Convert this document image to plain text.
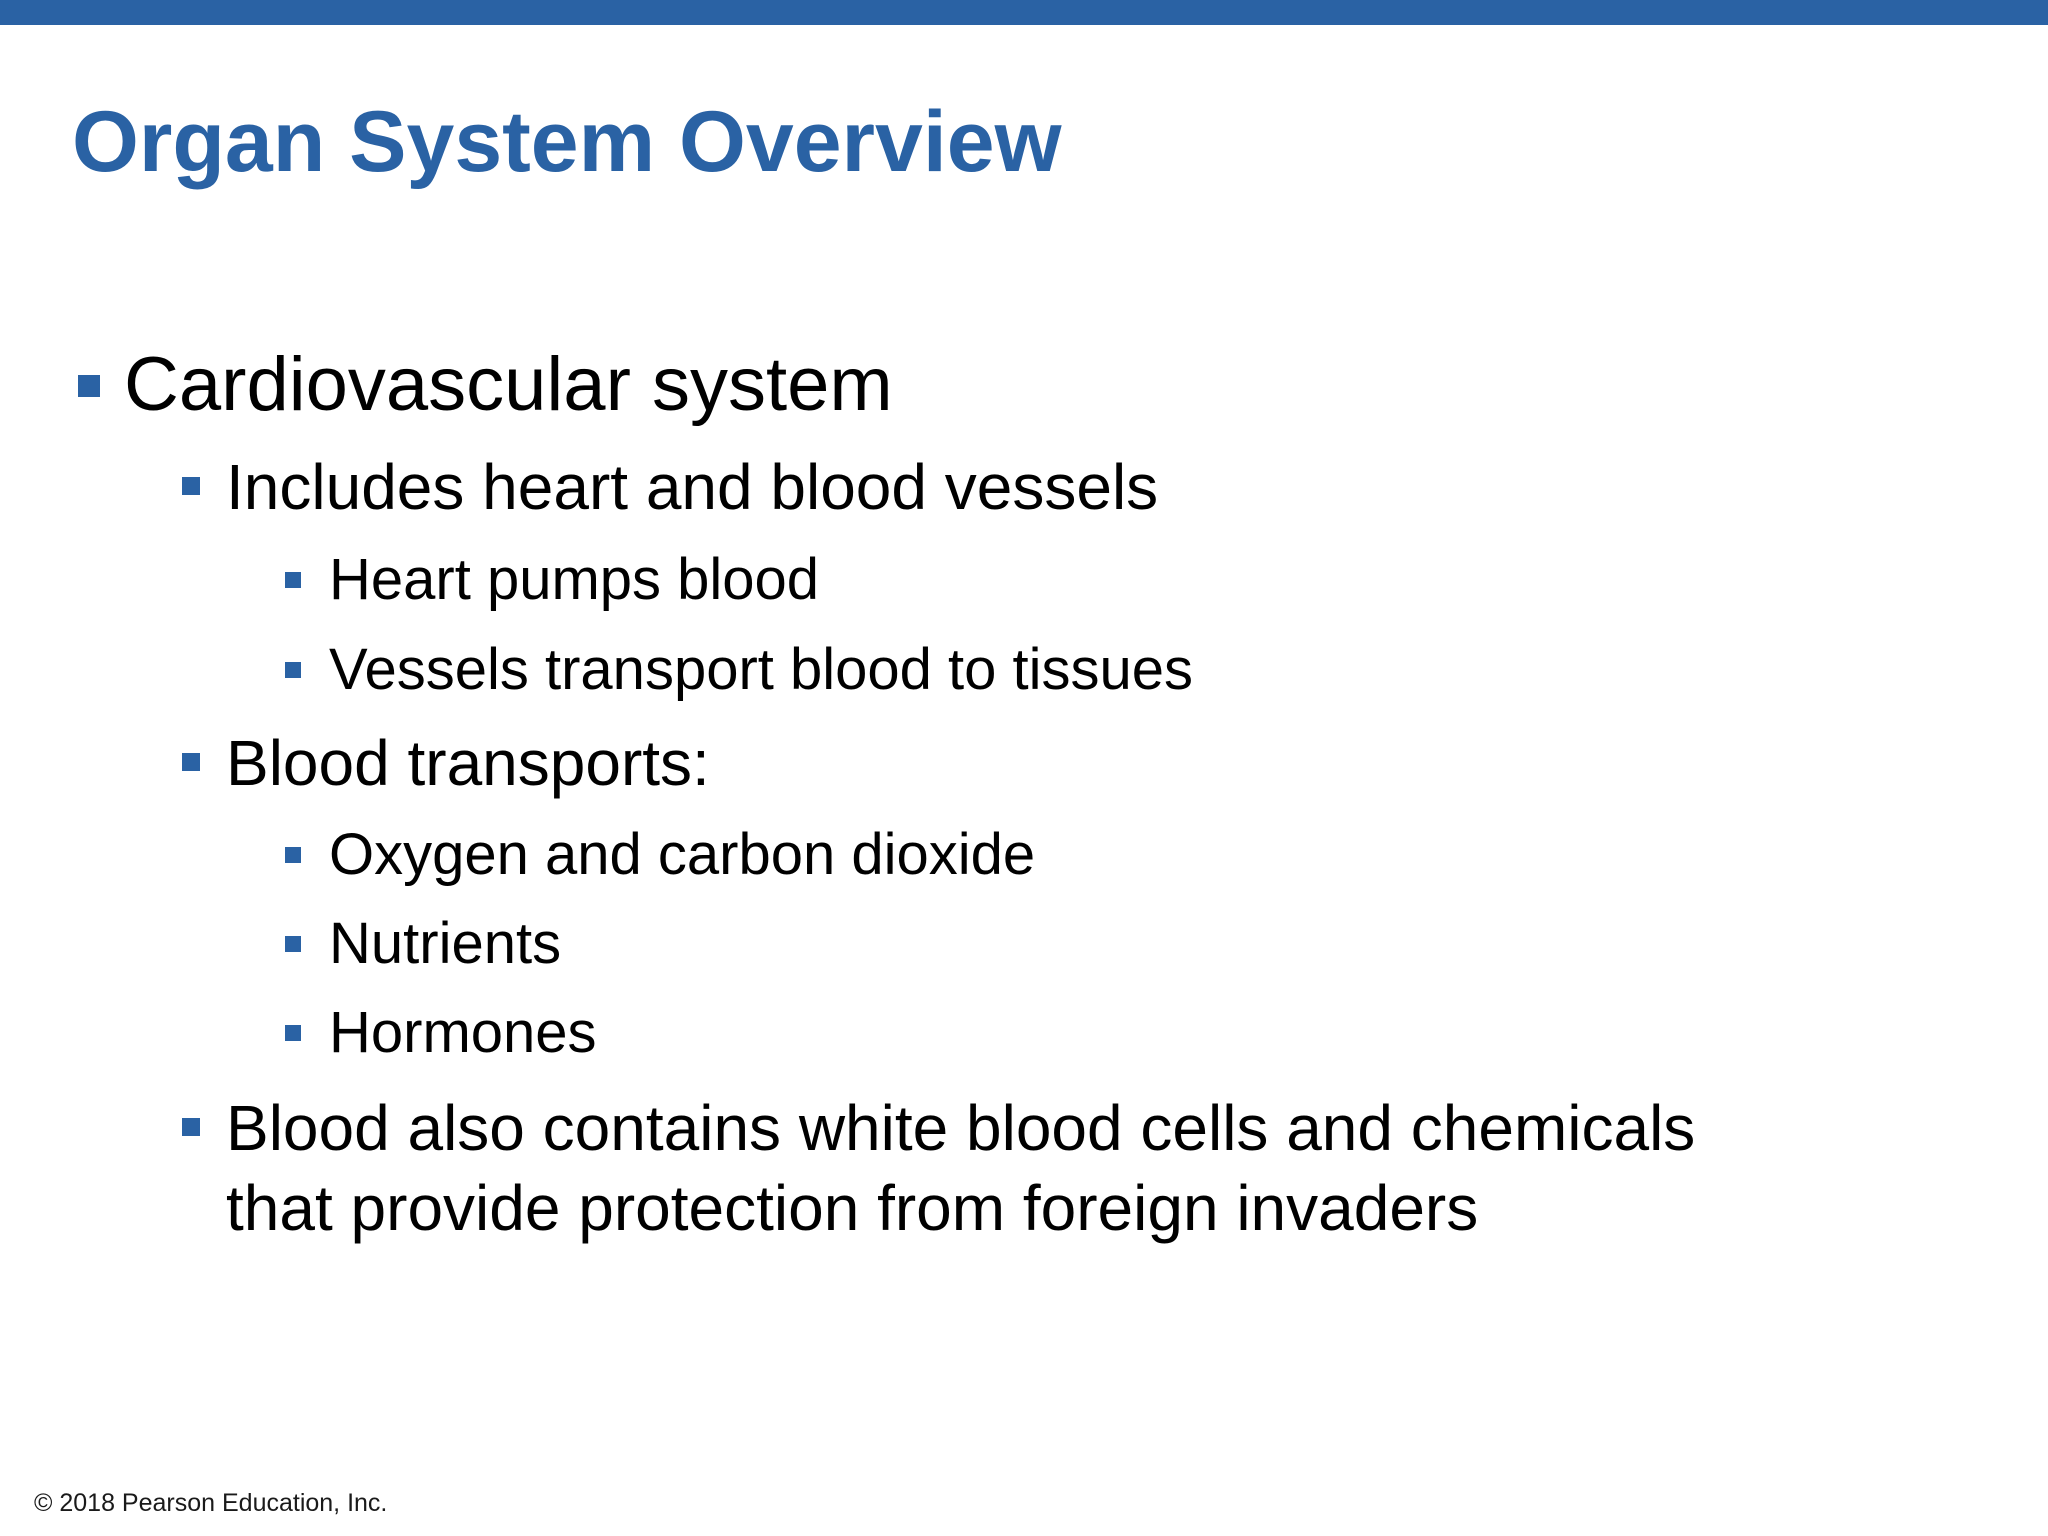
Organ System Overview
Cardiovascular system
Includes heart and blood vessels
Heart pumps blood
Vessels transport blood to tissues
Blood transports:
Oxygen and carbon dioxide
Nutrients
Hormones
Blood also contains white blood cells and chemicals
that provide protection from foreign invaders
© 2018 Pearson Education, Inc.
